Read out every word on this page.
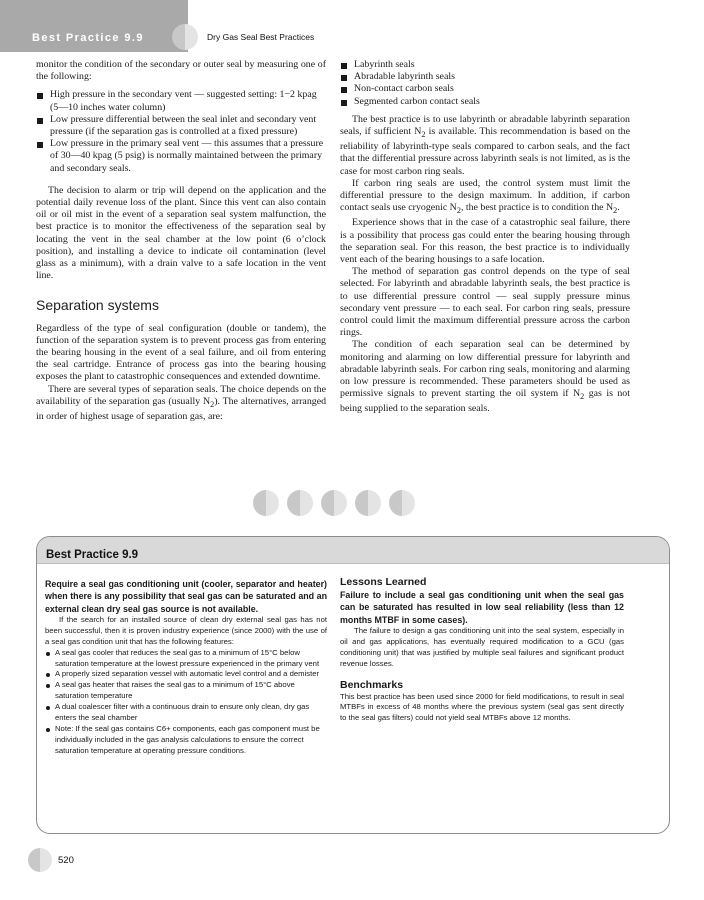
Best Practice 9.9	Dry Gas Seal Best Practices

monitor the condition of the secondary or outer seal by measuring one of the following:

High pressure in the secondary vent — suggested setting: 1−2 kpag (5—10 inches water column)
Low pressure differential between the seal inlet and secondary vent pressure (if the separation gas is controlled at a fixed pressure)
Low pressure in the primary seal vent — this assumes that a pressure of 30—40 kpag (5 psig) is normally maintained between the primary and secondary seals.

The decision to alarm or trip will depend on the application and the potential daily revenue loss of the plant. Since this vent can also contain oil or oil mist in the event of a separation seal system malfunction, the best practice is to monitor the effectiveness of the separation seal by locating the vent in the seal chamber at the low point (6 o’clock position), and installing a device to indicate oil contamination (level glass as a minimum), with a drain valve to a safe location in the vent line.

Separation systems

Regardless of the type of seal configuration (double or tandem), the function of the separation system is to prevent process gas from entering the bearing housing in the event of a seal failure, and oil from entering the seal cartridge. Entrance of process gas into the bearing housing exposes the plant to catastrophic consequences and extended downtime.

There are several types of separation seals. The choice depends on the availability of the separation gas (usually $N_2$). The alternatives, arranged in order of highest usage of separation gas, are:

Labyrinth seals
Abradable labyrinth seals
Non-contact carbon seals
Segmented carbon contact seals

The best practice is to use labyrinth or abradable labyrinth separation seals, if sufficient $N_2$ is available. This recommendation is based on the reliability of labyrinth-type seals compared to carbon seals, and the fact that the differential pressure across labyrinth seals is not limited, as is the case for most carbon ring seals.

If carbon ring seals are used, the control system must limit the differential pressure to the design maximum. In addition, if carbon contact seals use cryogenic $N_2$, the best practice is to condition the $N_2$.

Experience shows that in the case of a catastrophic seal failure, there is a possibility that process gas could enter the bearing housing through the separation seal. For this reason, the best practice is to individually vent each of the bearing housings to a safe location.

The method of separation gas control depends on the type of seal selected. For labyrinth and abradable labyrinth seals, the best practice is to use differential pressure control — seal supply pressure minus secondary vent pressure — to each seal. For carbon ring seals, pressure control could limit the maximum differential pressure across the carbon rings.

The condition of each separation seal can be determined by monitoring and alarming on low differential pressure for labyrinth and abradable labyrinth seals. For carbon ring seals, monitoring and alarming on low pressure is recommended. These parameters should be used as permissive signals to prevent starting the oil system if $N_2$ gas is not being supplied to the separation seals.

Best Practice 9.9

Require a seal gas conditioning unit (cooler, separator and heater) when there is any possibility that seal gas can be saturated and an external clean dry seal gas source is not available.

If the search for an installed source of clean dry external seal gas has not been successful, then it is proven industry experience (since 2000) with the use of a seal gas condition unit that has the following features:

A seal gas cooler that reduces the seal gas to a minimum of 15°C below saturation temperature at the lowest pressure experienced in the primary vent
A properly sized separation vessel with automatic level control and a demister
A seal gas heater that raises the seal gas to a minimum of 15°C above saturation temperature
A dual coalescer filter with a continuous drain to ensure only clean, dry gas enters the seal chamber
Note: If the seal gas contains C6+ components, each gas component must be individually included in the gas analysis calculations to ensure the correct saturation temperature at operating pressure conditions.
Lessons Learned

Failure to include a seal gas conditioning unit when the seal gas can be saturated has resulted in low seal reliability (less than 12 months MTBF in some cases).

The failure to design a gas conditioning unit into the seal system, especially in oil and gas applications, has eventually required modification to a GCU (gas conditioning unit) that was justified by multiple seal failures and significant product revenue losses.

Benchmarks

This best practice has been used since 2000 for field modifications, to result in seal MTBFs in excess of 48 months where the previous system (seal gas sent directly to the seal gas filters) could not yield seal MTBFs above 12 months.

520
